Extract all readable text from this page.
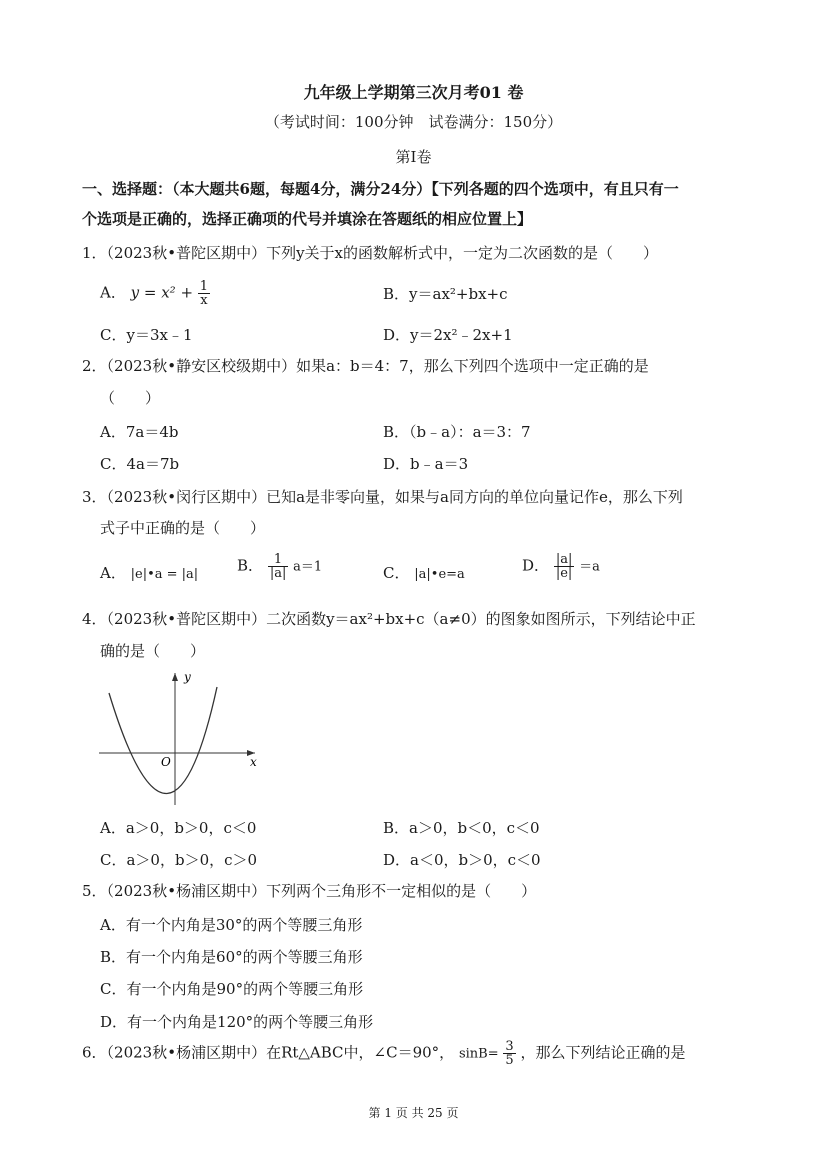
九年级上学期第三次月考01 卷
（考试时间：100分钟　试卷满分：150分）
第Ⅰ卷
一、选择题：（本大题共6题，每题4分，满分24分）【下列各题的四个选项中，有且只有一
个选项是正确的，选择正确项的代号并填涂在答题纸的相应位置上】
1．（2023秋•普陀区期中）下列y关于x的函数解析式中，一定为二次函数的是（　　）
A． $y = x^2 + \frac{1}{x}$	B．y＝ax²+bx+c
C．y＝3x﹣1	D．y＝2x²﹣2x+1
2．（2023秋•静安区校级期中）如果a：b＝4：7，那么下列四个选项中一定正确的是
（　　）
A．7a＝4b	B．（b﹣a）：a＝3：7
C．4a＝7b	D．b﹣a＝3
3．（2023秋•闵行区期中）已知a是非零向量，如果与a同方向的单位向量记作e，那么下列
式子中正确的是（　　）
A． |e|•a = |a|	B． $\frac{1}{|a|} a=1$	C． |a|•e=a	D． $\frac{|a|}{|e|} =a$
4．（2023秋•普陀区期中）二次函数y＝ax²+bx+c（a≠0）的图象如图所示，下列结论中正
确的是（　　）
y
x
O
A．a＞0，b＞0，c＜0	B．a＞0，b＜0，c＜0
C．a＞0，b＞0，c＞0	D．a＜0，b＞0，c＜0
5．（2023秋•杨浦区期中）下列两个三角形不一定相似的是（　　）
A．有一个内角是30°的两个等腰三角形
B．有一个内角是60°的两个等腰三角形
C．有一个内角是90°的两个等腰三角形
D．有一个内角是120°的两个等腰三角形
6．（2023秋•杨浦区期中）在Rt△ABC中，∠C＝90°， $\sin B= \frac{3}{5}$ ，那么下列结论正确的是
第 1 页 共 25 页
